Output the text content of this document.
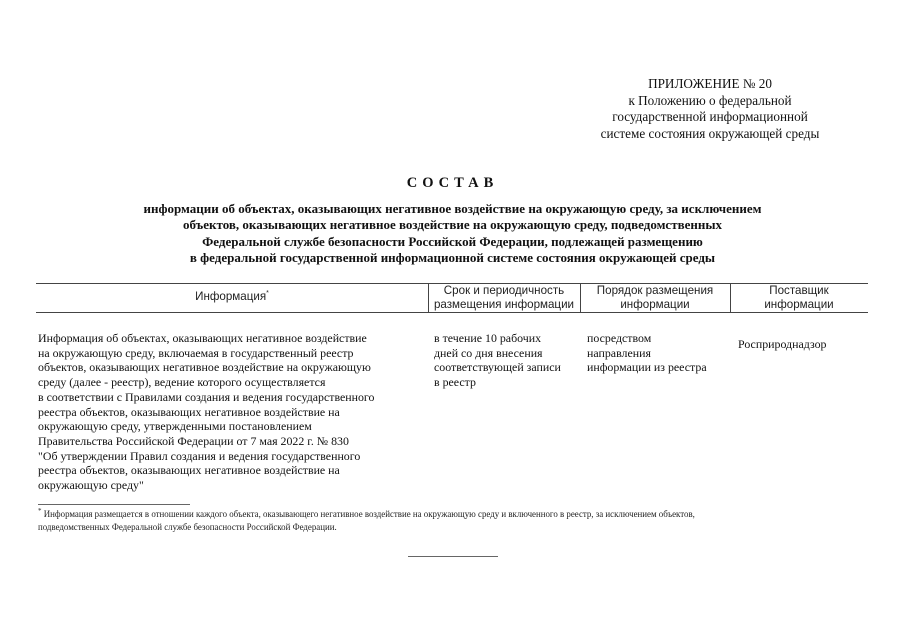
ПРИЛОЖЕНИЕ № 20
к Положению о федеральной
государственной информационной
системе состояния окружающей среды
СОСТАВ
информации об объектах, оказывающих негативное воздействие на окружающую среду, за исключением
объектов, оказывающих негативное воздействие на окружающую среду, подведомственных
Федеральной службе безопасности Российской Федерации, подлежащей размещению
в федеральной государственной информационной системе состояния окружающей среды
Информация*	Срок и периодичность
размещения информации
Порядок размещения
информации
Поставщик
информации
Информация об объектах, оказывающих негативное воздействие
на окружающую среду, включаемая в государственный реестр
объектов, оказывающих негативное воздействие на окружающую
среду (далее - реестр), ведение которого осуществляется
в соответствии с Правилами создания и ведения государственного
реестра объектов, оказывающих негативное воздействие на
окружающую среду, утвержденными постановлением
Правительства Российской Федерации от 7 мая 2022 г. № 830
"Об утверждении Правил создания и ведения государственного
реестра объектов, оказывающих негативное воздействие на
окружающую среду"
в течение 10 рабочих
дней со дня внесения
соответствующей записи
в реестр
посредством
направления
информации из реестра
Росприроднадзор
* Информация размещается в отношении каждого объекта, оказывающего негативное воздействие на окружающую среду и включенного в реестр, за исключением объектов,
подведомственных Федеральной службе безопасности Российской Федерации.
